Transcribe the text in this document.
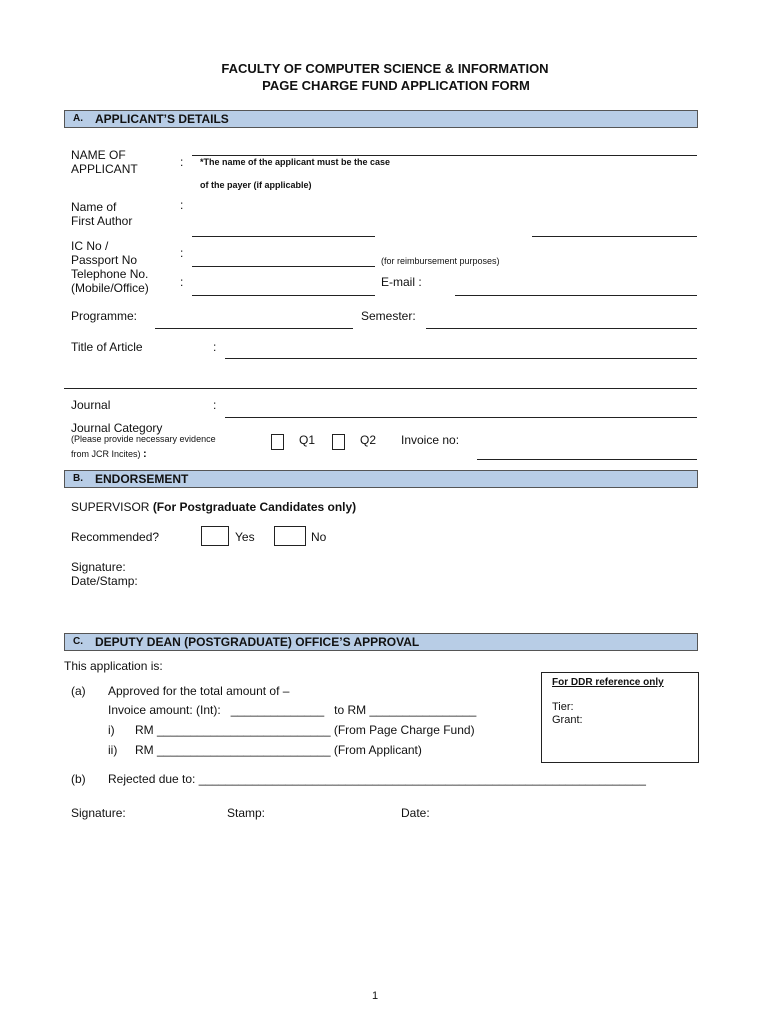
FACULTY OF COMPUTER SCIENCE & INFORMATION
PAGE CHARGE FUND APPLICATION FORM
A. APPLICANT’S DETAILS
NAME OF
APPLICANT	: *The name of the applicant must be the case
of the payer (if applicable)
Name of
First Author
:
IC No /
Passport No	:
(for reimbursement purposes)
Telephone No.
(Mobile/Office)	:	E-mail :
Programme:	Semester:
Title of Article	:
Journal	:
Journal Category
(Please provide necessary evidence
from JCR Incites) :
Q1	Q2 Invoice no:
B. ENDORSEMENT
SUPERVISOR (For Postgraduate Candidates only)
Recommended?	Yes	No
Signature:
Date/Stamp:
C. DEPUTY DEAN (POSTGRADUATE) OFFICE’S APPROVAL
This application is:
(a) Approved for the total amount of –
Invoice amount: (Int):   ______________   to RM ________________
i) RM __________________________ (From Page Charge Fund)
ii) RM __________________________ (From Applicant)
(b) Rejected due to: ___________________________________________________________________
Signature:	Stamp:	Date:
For DDR reference only
Tier:
Grant:
1
